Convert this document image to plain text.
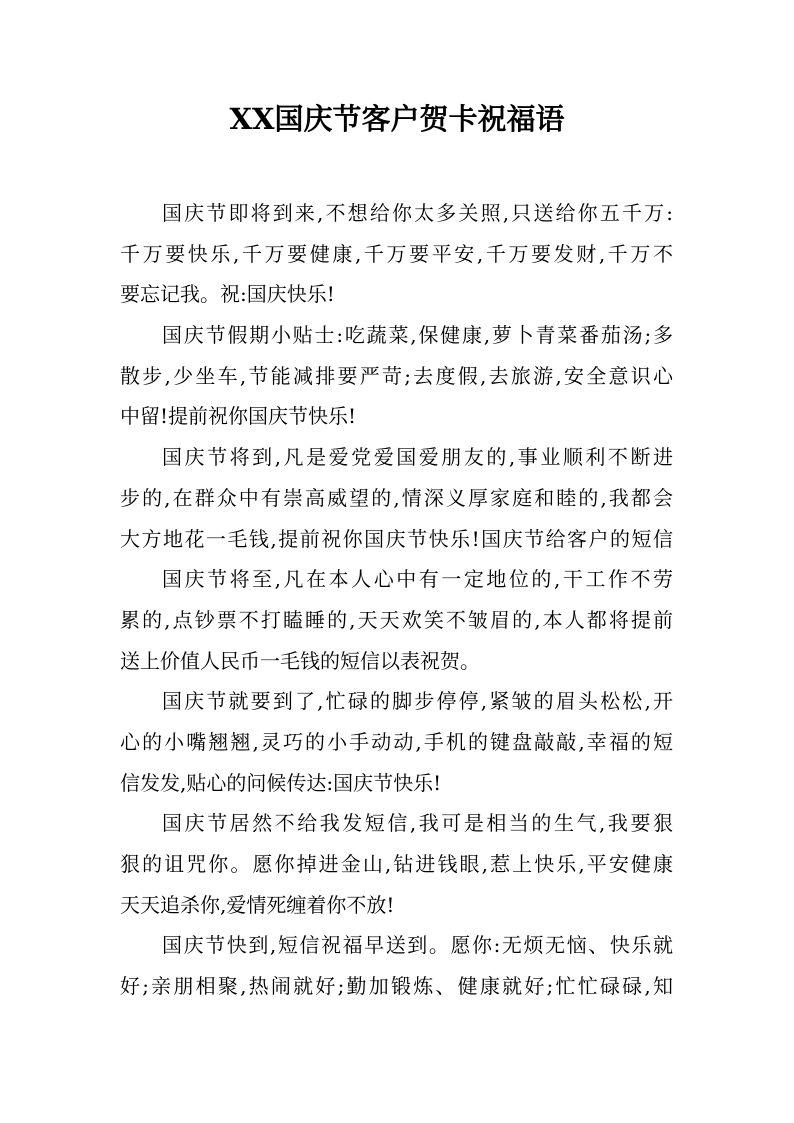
XX国庆节客户贺卡祝福语
国庆节即将到来,不想给你太多关照,只送给你五千万:
千万要快乐,千万要健康,千万要平安,千万要发财,千万不
要忘记我。祝:国庆快乐!
国庆节假期小贴士:吃蔬菜,保健康,萝卜青菜番茄汤;多
散步,少坐车,节能减排要严苛;去度假,去旅游,安全意识心
中留!提前祝你国庆节快乐!
国庆节将到,凡是爱党爱国爱朋友的,事业顺利不断进
步的,在群众中有崇高威望的,情深义厚家庭和睦的,我都会
大方地花一毛钱,提前祝你国庆节快乐!国庆节给客户的短信
国庆节将至,凡在本人心中有一定地位的,干工作不劳
累的,点钞票不打瞌睡的,天天欢笑不皱眉的,本人都将提前
送上价值人民币一毛钱的短信以表祝贺。
国庆节就要到了,忙碌的脚步停停,紧皱的眉头松松,开
心的小嘴翘翘,灵巧的小手动动,手机的键盘敲敲,幸福的短
信发发,贴心的问候传达:国庆节快乐!
国庆节居然不给我发短信,我可是相当的生气,我要狠
狠的诅咒你。愿你掉进金山,钻进钱眼,惹上快乐,平安健康
天天追杀你,爱情死缠着你不放!
国庆节快到,短信祝福早送到。愿你:无烦无恼、快乐就
好;亲朋相聚,热闹就好;勤加锻炼、健康就好;忙忙碌碌,知
